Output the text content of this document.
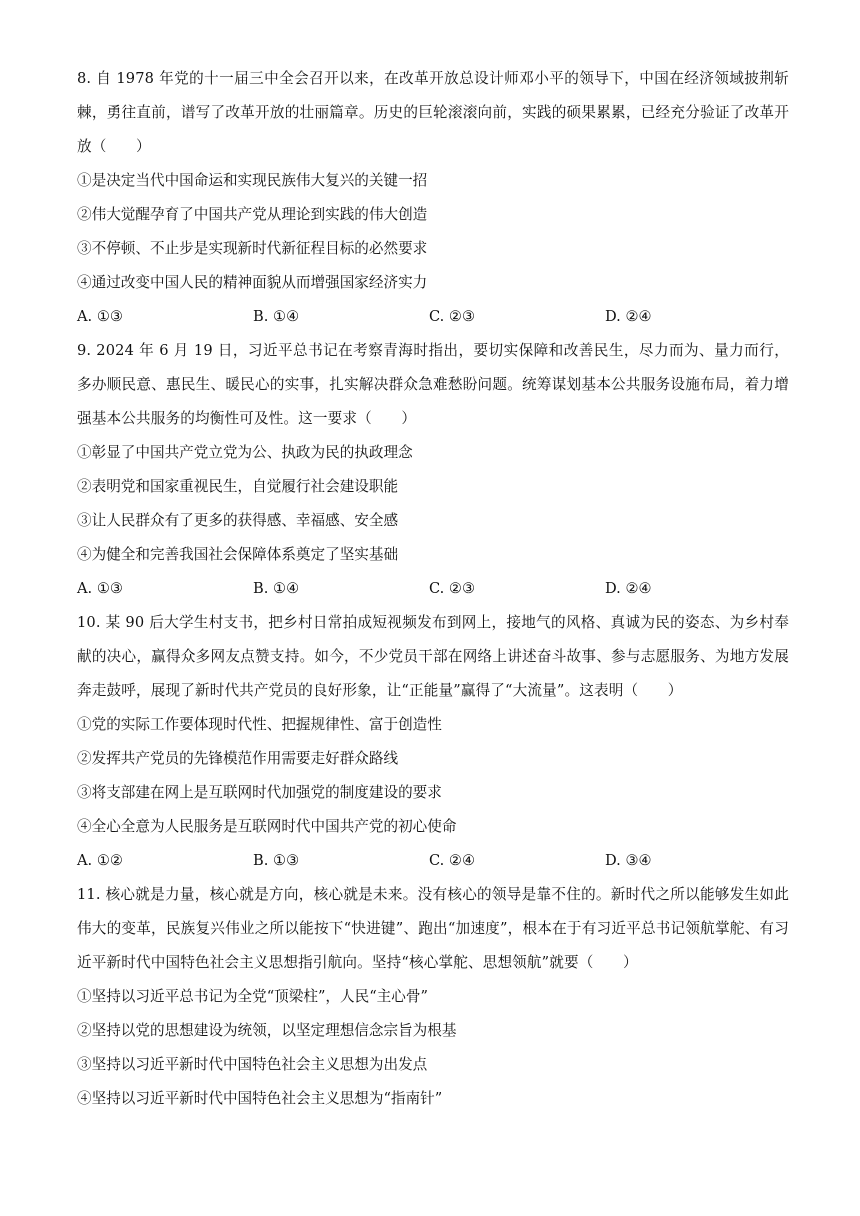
8. 自 1978 年党的十一届三中全会召开以来，在改革开放总设计师邓小平的领导下，中国在经济领域披荆斩棘，勇往直前，谱写了改革开放的壮丽篇章。历史的巨轮滚滚向前，实践的硕果累累，已经充分验证了改革开放（　　）

①是决定当代中国命运和实现民族伟大复兴的关键一招

②伟大觉醒孕育了中国共产党从理论到实践的伟大创造

③不停顿、不止步是实现新时代新征程目标的必然要求

④通过改变中国人民的精神面貌从而增强国家经济实力

A. ①③	B. ①④	C. ②③	D. ②④

9. 2024 年 6 月 19 日，习近平总书记在考察青海时指出，要切实保障和改善民生，尽力而为、量力而行，多办顺民意、惠民生、暖民心的实事，扎实解决群众急难愁盼问题。统筹谋划基本公共服务设施布局，着力增强基本公共服务的均衡性可及性。这一要求（　　）

①彰显了中国共产党立党为公、执政为民的执政理念

②表明党和国家重视民生，自觉履行社会建设职能

③让人民群众有了更多的获得感、幸福感、安全感

④为健全和完善我国社会保障体系奠定了坚实基础

A. ①③	B. ①④	C. ②③	D. ②④

10. 某 90 后大学生村支书，把乡村日常拍成短视频发布到网上，接地气的风格、真诚为民的姿态、为乡村奉献的决心，赢得众多网友点赞支持。如今，不少党员干部在网络上讲述奋斗故事、参与志愿服务、为地方发展奔走鼓呼，展现了新时代共产党员的良好形象，让“正能量”赢得了“大流量”。这表明（　　）

①党的实际工作要体现时代性、把握规律性、富于创造性

②发挥共产党员的先锋模范作用需要走好群众路线

③将支部建在网上是互联网时代加强党的制度建设的要求

④全心全意为人民服务是互联网时代中国共产党的初心使命

A. ①②	B. ①③	C. ②④	D. ③④

11. 核心就是力量，核心就是方向，核心就是未来。没有核心的领导是靠不住的。新时代之所以能够发生如此伟大的变革，民族复兴伟业之所以能按下“快进键”、跑出“加速度”，根本在于有习近平总书记领航掌舵、有习近平新时代中国特色社会主义思想指引航向。坚持“核心掌舵、思想领航”就要（　　）

①坚持以习近平总书记为全党“顶梁柱”，人民“主心骨”

②坚持以党的思想建设为统领，以坚定理想信念宗旨为根基

③坚持以习近平新时代中国特色社会主义思想为出发点

④坚持以习近平新时代中国特色社会主义思想为“指南针”
